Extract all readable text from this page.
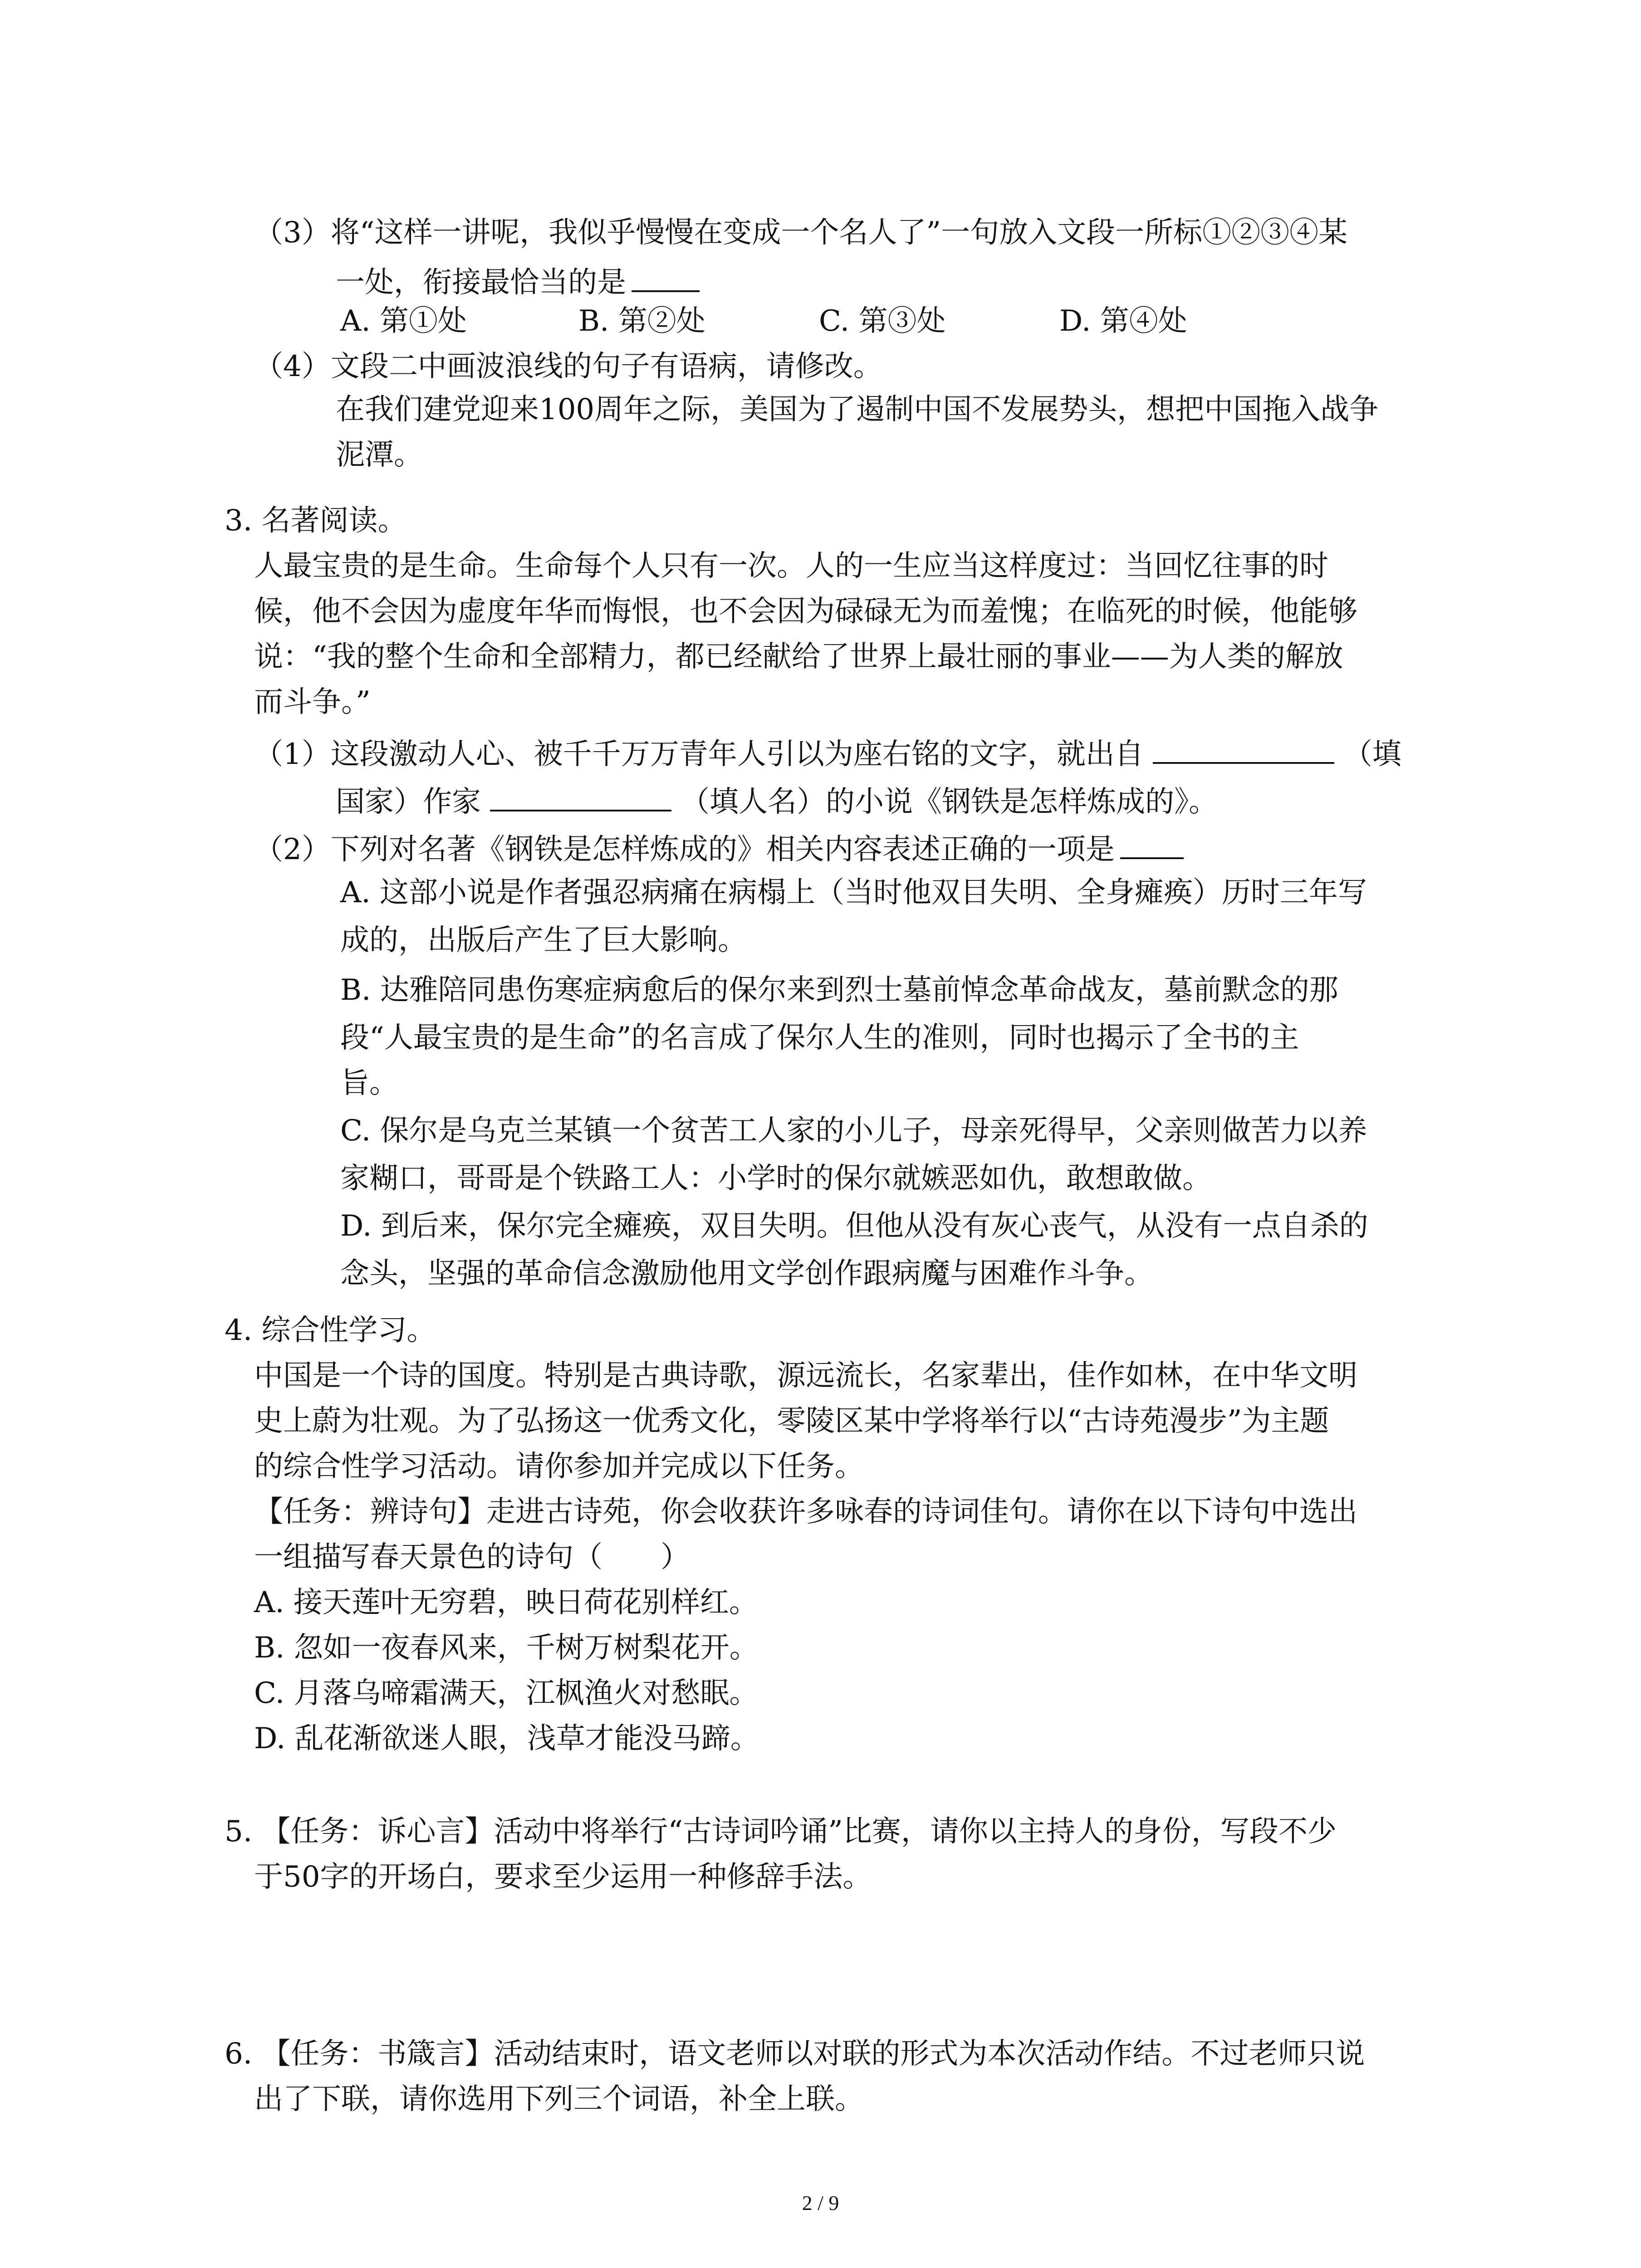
（3）将“这样一讲呢，我似乎慢慢在变成一个名人了”一句放入文段一所标①②③④某
一处，衔接最恰当的是
A. 第①处	B. 第②处	C. 第③处	D. 第④处
（4）文段二中画波浪线的句子有语病，请修改。
在我们建党迎来100周年之际，美国为了遏制中国不发展势头，想把中国拖入战争
泥潭。
3. 名著阅读。
人最宝贵的是生命。生命每个人只有一次。人的一生应当这样度过：当回忆往事的时
候，他不会因为虚度年华而悔恨，也不会因为碌碌无为而羞愧；在临死的时候，他能够
说：“我的整个生命和全部精力，都已经献给了世界上最壮丽的事业——为人类的解放
而斗争。”
（1）这段激动人心、被千千万万青年人引以为座右铭的文字，就出自	（填
国家）作家	（填人名）的小说《钢铁是怎样炼成的》。
（2）下列对名著《钢铁是怎样炼成的》相关内容表述正确的一项是
A. 这部小说是作者强忍病痛在病榻上（当时他双目失明、全身瘫痪）历时三年写
成的，出版后产生了巨大影响。
B. 达雅陪同患伤寒症病愈后的保尔来到烈士墓前悼念革命战友，墓前默念的那
段“人最宝贵的是生命”的名言成了保尔人生的准则，同时也揭示了全书的主
旨。
C. 保尔是乌克兰某镇一个贫苦工人家的小儿子，母亲死得早，父亲则做苦力以养
家糊口，哥哥是个铁路工人：小学时的保尔就嫉恶如仇，敢想敢做。
D. 到后来，保尔完全瘫痪，双目失明。但他从没有灰心丧气，从没有一点自杀的
念头，坚强的革命信念激励他用文学创作跟病魔与困难作斗争。
4. 综合性学习。
中国是一个诗的国度。特别是古典诗歌，源远流长，名家辈出，佳作如林，在中华文明
史上蔚为壮观。为了弘扬这一优秀文化，零陵区某中学将举行以“古诗苑漫步”为主题
的综合性学习活动。请你参加并完成以下任务。
【任务：辨诗句】走进古诗苑，你会收获许多咏春的诗词佳句。请你在以下诗句中选出
一组描写春天景色的诗句（　　）
A. 接天莲叶无穷碧，映日荷花别样红。
B. 忽如一夜春风来，千树万树梨花开。
C. 月落乌啼霜满天，江枫渔火对愁眠。
D. 乱花渐欲迷人眼，浅草才能没马蹄。
5. 【任务：诉心言】活动中将举行“古诗词吟诵”比赛，请你以主持人的身份，写段不少
于50字的开场白，要求至少运用一种修辞手法。
6. 【任务：书箴言】活动结束时，语文老师以对联的形式为本次活动作结。不过老师只说
出了下联，请你选用下列三个词语，补全上联。
2 / 9
